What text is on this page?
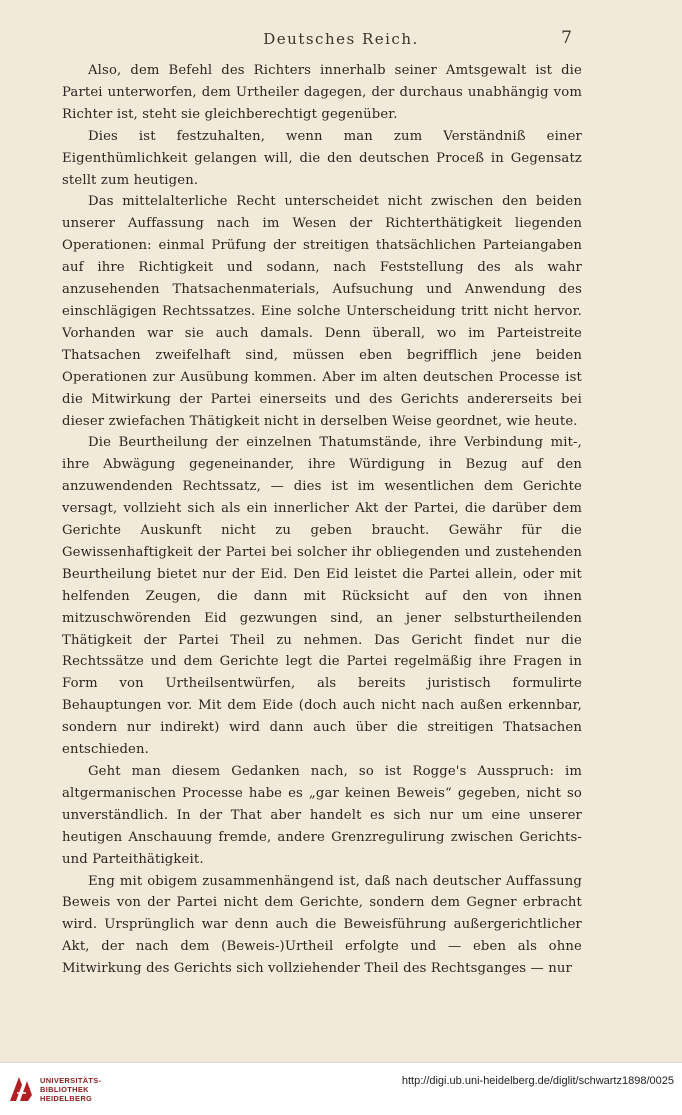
Deutsches Reich.	7

Also, dem Befehl des Richters innerhalb seiner Amtsgewalt ist die Partei unterworfen, dem Urtheiler dagegen, der durchaus unabhängig vom Richter ist, steht sie gleichberechtigt gegenüber.

Dies ist festzuhalten, wenn man zum Verständniß einer Eigenthümlichkeit gelangen will, die den deutschen Proceß in Gegensatz stellt zum heutigen.

Das mittelalterliche Recht unterscheidet nicht zwischen den beiden unserer Auffassung nach im Wesen der Richterthätigkeit liegenden Operationen: einmal Prüfung der streitigen thatsächlichen Parteiangaben auf ihre Richtigkeit und sodann, nach Feststellung des als wahr anzusehenden Thatsachenmaterials, Aufsuchung und Anwendung des einschlägigen Rechtssatzes. Eine solche Unterscheidung tritt nicht hervor. Vorhanden war sie auch damals. Denn überall, wo im Parteistreite Thatsachen zweifelhaft sind, müssen eben begrifflich jene beiden Operationen zur Ausübung kommen. Aber im alten deutschen Processe ist die Mitwirkung der Partei einerseits und des Gerichts andererseits bei dieser zwiefachen Thätigkeit nicht in derselben Weise geordnet, wie heute.

Die Beurtheilung der einzelnen Thatumstände, ihre Verbindung mit-, ihre Abwägung gegeneinander, ihre Würdigung in Bezug auf den anzuwendenden Rechtssatz, — dies ist im wesentlichen dem Gerichte versagt, vollzieht sich als ein innerlicher Akt der Partei, die darüber dem Gerichte Auskunft nicht zu geben braucht. Gewähr für die Gewissenhaftigkeit der Partei bei solcher ihr obliegenden und zustehenden Beurtheilung bietet nur der Eid. Den Eid leistet die Partei allein, oder mit helfenden Zeugen, die dann mit Rücksicht auf den von ihnen mitzuschwörenden Eid gezwungen sind, an jener selbsturtheilenden Thätigkeit der Partei Theil zu nehmen. Das Gericht findet nur die Rechtssätze und dem Gerichte legt die Partei regelmäßig ihre Fragen in Form von Urtheilsentwürfen, als bereits juristisch formulirte Behauptungen vor. Mit dem Eide (doch auch nicht nach außen erkennbar, sondern nur indirekt) wird dann auch über die streitigen Thatsachen entschieden.

Geht man diesem Gedanken nach, so ist Rogge's Ausspruch: im altgermanischen Processe habe es „gar keinen Beweis“ gegeben, nicht so unverständlich. In der That aber handelt es sich nur um eine unserer heutigen Anschauung fremde, andere Grenzregulirung zwischen Gerichts- und Parteithätigkeit.

Eng mit obigem zusammenhängend ist, daß nach deutscher Auffassung Beweis von der Partei nicht dem Gerichte, sondern dem Gegner erbracht wird. Ursprünglich war denn auch die Beweisführung außergerichtlicher Akt, der nach dem (Beweis-)Urtheil erfolgte und — eben als ohne Mitwirkung des Gerichts sich vollziehender Theil des Rechtsganges — nur

UNIVERSITÄTS-
BIBLIOTHEK
HEIDELBERG
http://digi.ub.uni-heidelberg.de/diglit/schwartz1898/0025
